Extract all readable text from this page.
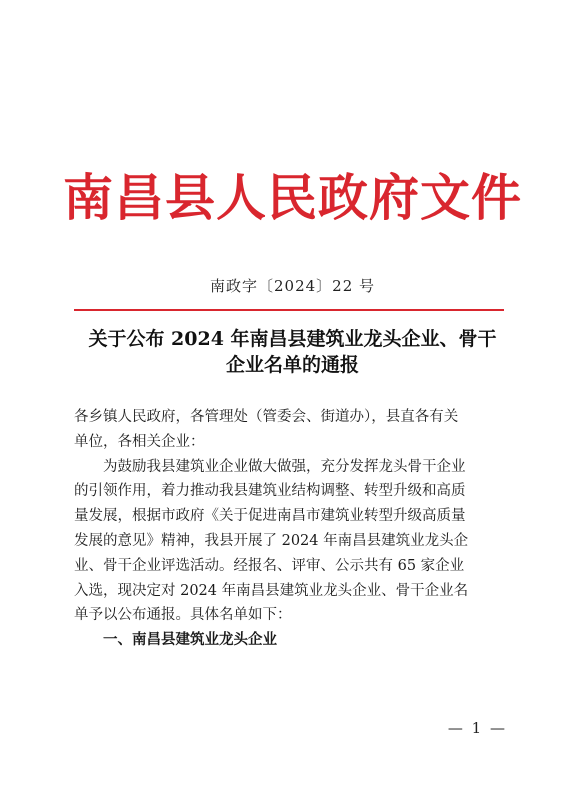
南昌县人民政府文件
南政字〔2024〕22 号
关于公布 2024 年南昌县建筑业龙头企业、骨干
企业名单的通报

各乡镇人民政府，各管理处（管委会、街道办），县直各有关

单位，各相关企业：

为鼓励我县建筑业企业做大做强，充分发挥龙头骨干企业

的引领作用，着力推动我县建筑业结构调整、转型升级和高质

量发展，根据市政府《关于促进南昌市建筑业转型升级高质量

发展的意见》精神，我县开展了 2024 年南昌县建筑业龙头企

业、骨干企业评选活动。经报名、评审、公示共有 65 家企业

入选，现决定对 2024 年南昌县建筑业龙头企业、骨干企业名

单予以公布通报。具体名单如下：

一、南昌县建筑业龙头企业

— 1 —
